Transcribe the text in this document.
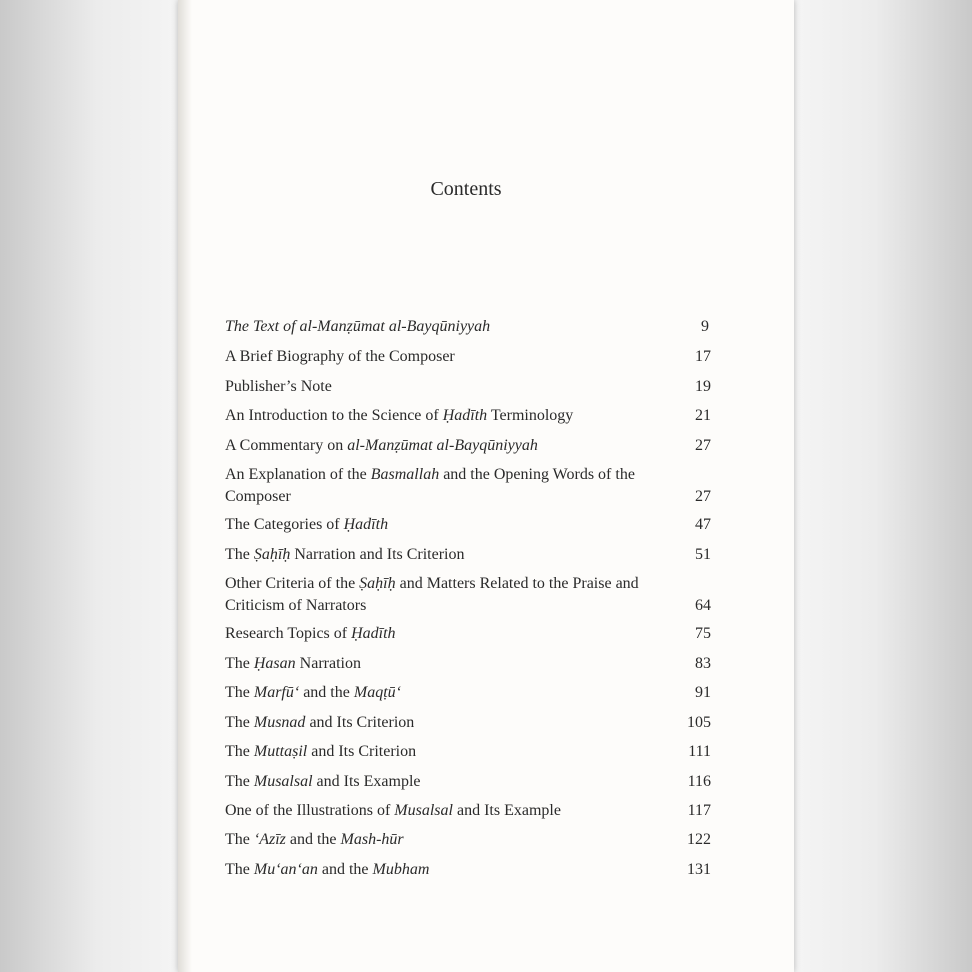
Contents
The Text of al-Manẓūmat al-Bayqūniyyah	9
A Brief Biography of the Composer	17
Publisher’s Note	19
An Introduction to the Science of Ḥadīth Terminology	21
A Commentary on al-Manẓūmat al-Bayqūniyyah	27
An Explanation of the Basmallah and the Opening Words of the Composer	27
The Categories of Ḥadīth	47
The Ṣaḥīḥ Narration and Its Criterion	51
Other Criteria of the Ṣaḥīḥ and Matters Related to the Praise and Criticism of Narrators	64
Research Topics of Ḥadīth	75
The Ḥasan Narration	83
The Marfū‘ and the Maqṭū‘	91
The Musnad and Its Criterion	105
The Muttaṣil and Its Criterion	111
The Musalsal and Its Example	116
One of the Illustrations of Musalsal and Its Example	117
The ‘Azīz and the Mash-hūr	122
The Mu‘an‘an and the Mubham	131
